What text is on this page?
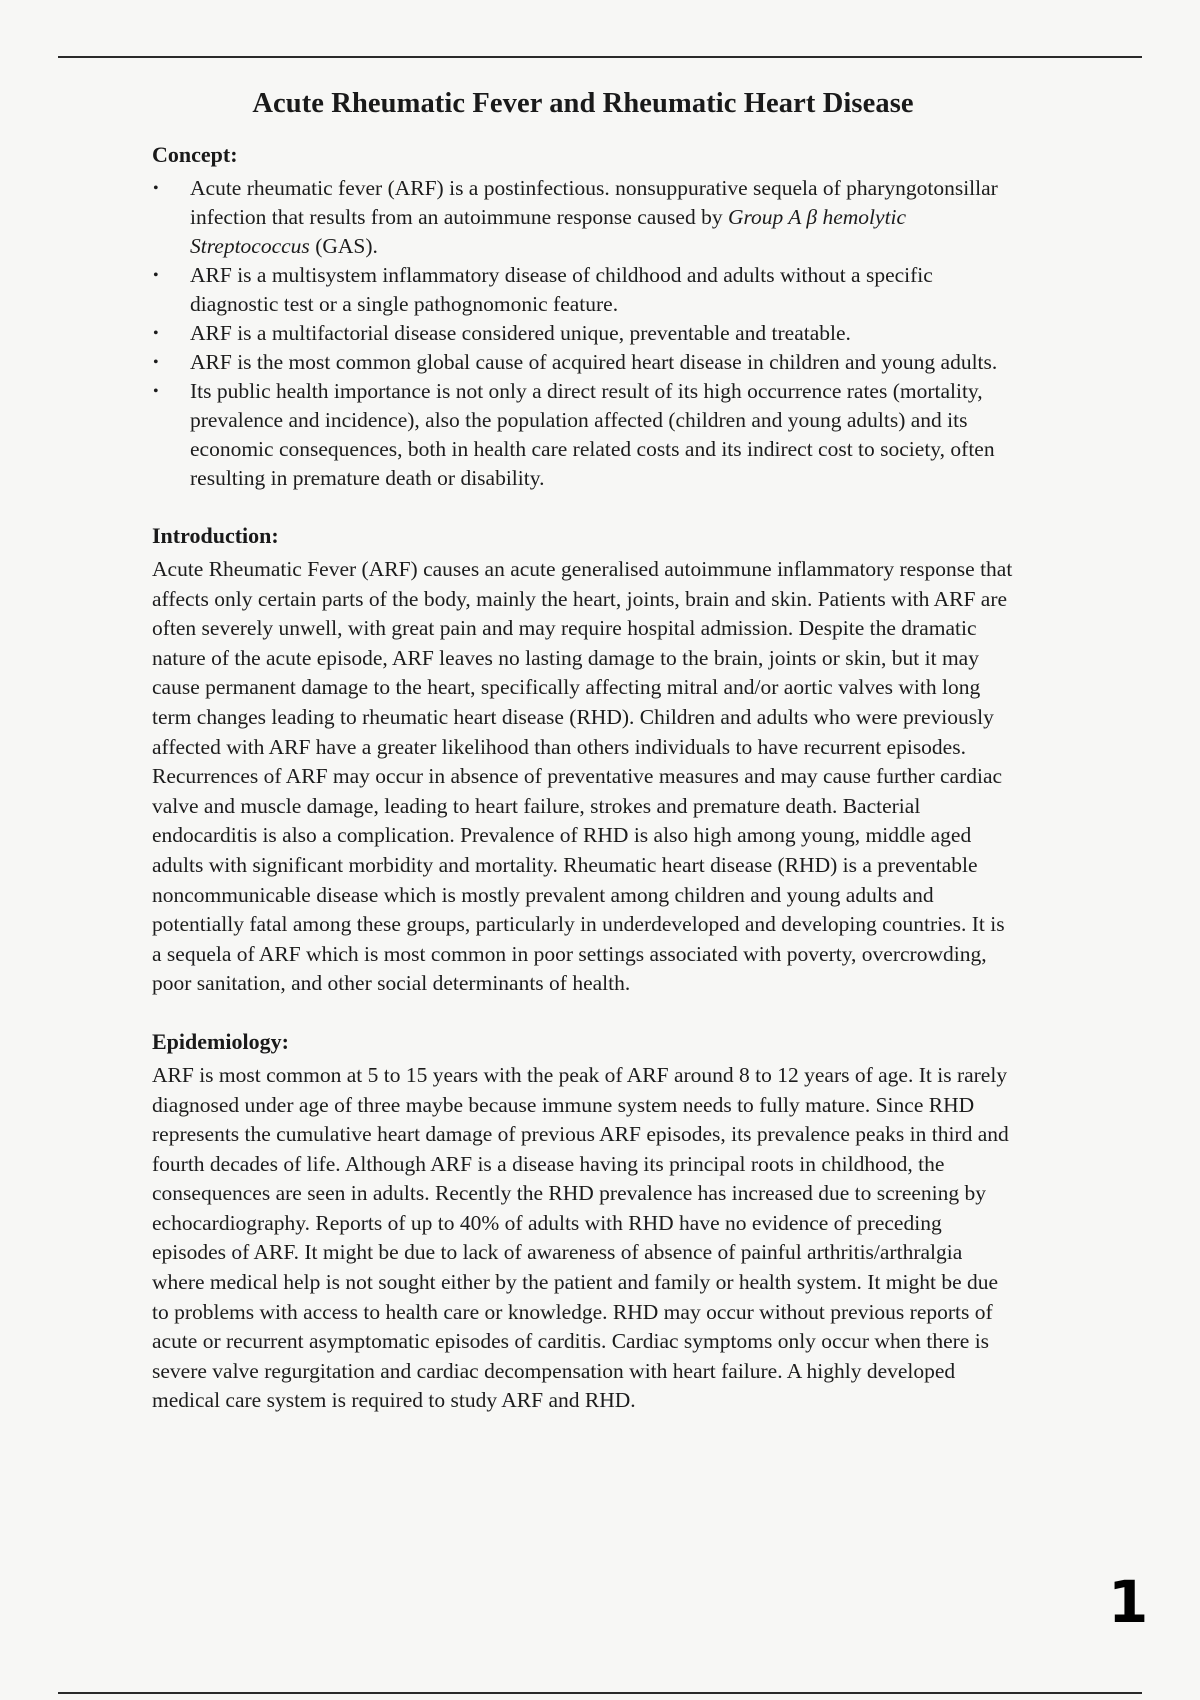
Acute Rheumatic Fever and Rheumatic Heart Disease
Concept:
• Acute rheumatic fever (ARF) is a postinfectious. nonsuppurative sequela of pharyngotonsillar infection that results from an autoimmune response caused by Group A β hemolytic Streptococcus (GAS).
• ARF is a multisystem inflammatory disease of childhood and adults without a specific diagnostic test or a single pathognomonic feature.
• ARF is a multifactorial disease considered unique, preventable and treatable.
• ARF is the most common global cause of acquired heart disease in children and young adults.
• Its public health importance is not only a direct result of its high occurrence rates (mortality, prevalence and incidence), also the population affected (children and young adults) and its economic consequences, both in health care related costs and its indirect cost to society, often resulting in premature death or disability.
Introduction:

Acute Rheumatic Fever (ARF) causes an acute generalised autoimmune inflammatory response that affects only certain parts of the body, mainly the heart, joints, brain and skin. Patients with ARF are often severely unwell, with great pain and may require hospital admission. Despite the dramatic nature of the acute episode, ARF leaves no lasting damage to the brain, joints or skin, but it may cause permanent damage to the heart, specifically affecting mitral and/or aortic valves with long term changes leading to rheumatic heart disease (RHD). Children and adults who were previously affected with ARF have a greater likelihood than others individuals to have recurrent episodes. Recurrences of ARF may occur in absence of preventative measures and may cause further cardiac valve and muscle damage, leading to heart failure, strokes and premature death. Bacterial endocarditis is also a complication. Prevalence of RHD is also high among young, middle aged adults with significant morbidity and mortality. Rheumatic heart disease (RHD) is a preventable noncommunicable disease which is mostly prevalent among children and young adults and potentially fatal among these groups, particularly in underdeveloped and developing countries. It is a sequela of ARF which is most common in poor settings associated with poverty, overcrowding, poor sanitation, and other social determinants of health.

Epidemiology:

ARF is most common at 5 to 15 years with the peak of ARF around 8 to 12 years of age. It is rarely diagnosed under age of three maybe because immune system needs to fully mature. Since RHD represents the cumulative heart damage of previous ARF episodes, its prevalence peaks in third and fourth decades of life. Although ARF is a disease having its principal roots in childhood, the consequences are seen in adults. Recently the RHD prevalence has increased due to screening by echocardiography. Reports of up to 40% of adults with RHD have no evidence of preceding episodes of ARF. It might be due to lack of awareness of absence of painful arthritis/arthralgia where medical help is not sought either by the patient and family or health system. It might be due to problems with access to health care or knowledge. RHD may occur without previous reports of acute or recurrent asymptomatic episodes of carditis. Cardiac symptoms only occur when there is severe valve regurgitation and cardiac decompensation with heart failure. A highly developed medical care system is required to study ARF and RHD.

1
